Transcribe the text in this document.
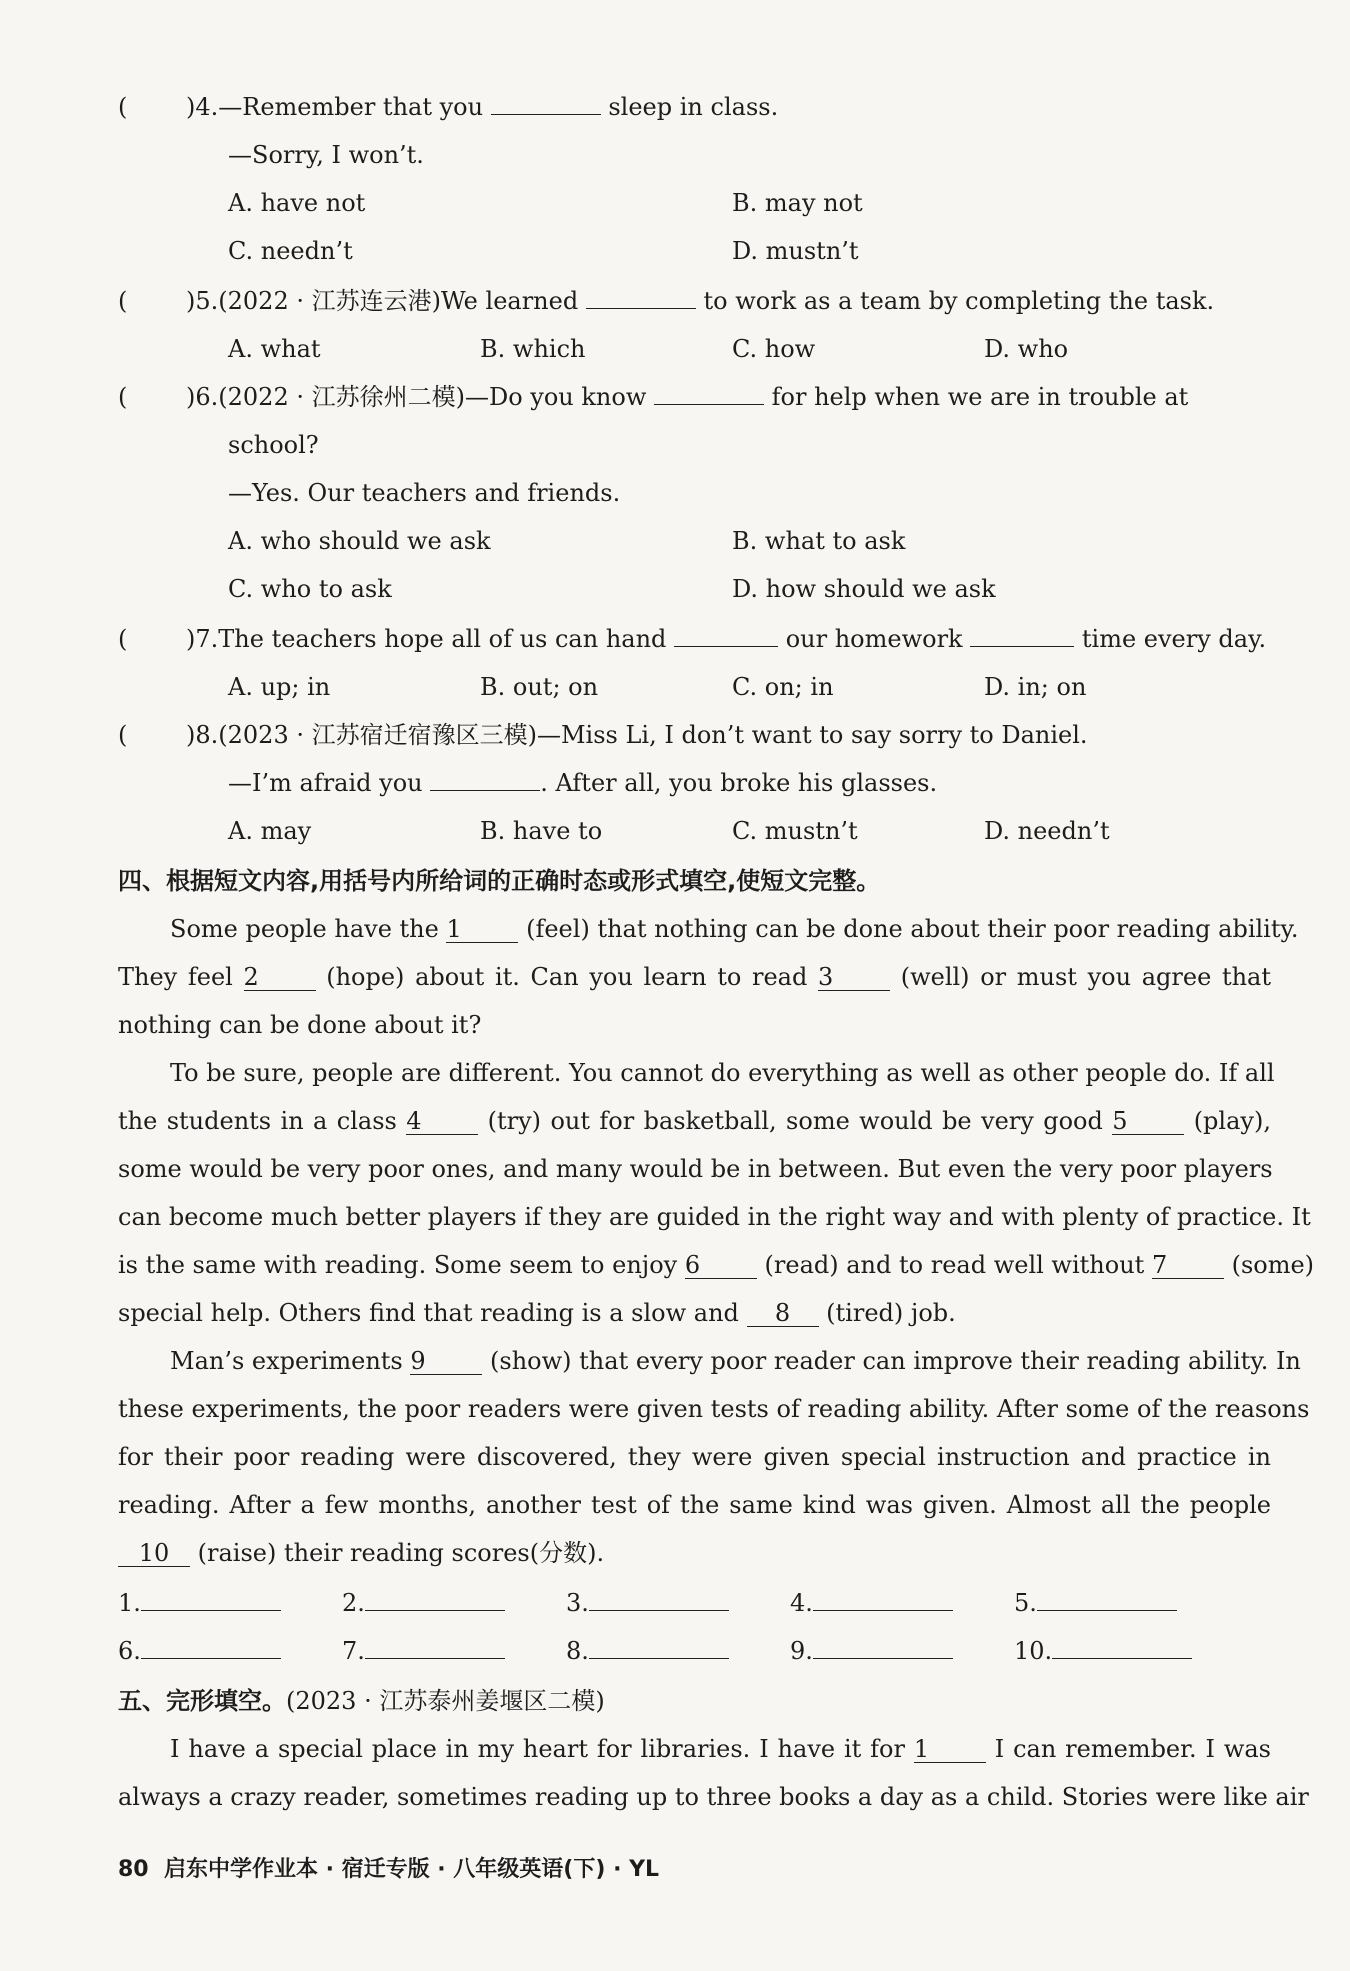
( )4.—Remember that you	sleep in class.
—Sorry, I won’t.
A. have not	B. may not
C. needn’t	D. mustn’t
( )5.(2022 · 江苏连云港)We learned	to work as a team by completing the task.
A. what	B. which	C. how	D. who
( )6.(2022 · 江苏徐州二模)—Do you know	for help when we are in trouble at
school?
—Yes. Our teachers and friends.
A. who should we ask	B. what to ask
C. who to ask	D. how should we ask
( )7.The teachers hope all of us can hand	our homework	time every day.
A. up; in	B. out; on	C. on; in	D. in; on
( )8.(2023 · 江苏宿迁宿豫区三模)—Miss Li, I don’t want to say sorry to Daniel.
—I’m afraid you	. After all, you broke his glasses.
A. may	B. have to	C. mustn’t	D. needn’t
四、根据短文内容,用括号内所给词的正确时态或形式填空,使短文完整。
Some people have the 1	(feel) that nothing can be done about their poor reading ability.
They feel 2	(hope) about it. Can you learn to read 3	(well) or must you agree that
nothing can be done about it?
To be sure, people are different. You cannot do everything as well as other people do. If all
the students in a class 4	(try) out for basketball, some would be very good 5	(play),
some would be very poor ones, and many would be in between. But even the very poor players
can become much better players if they are guided in the right way and with plenty of practice. It
is the same with reading. Some seem to enjoy 6	(read) and to read well without 7	(some)
special help. Others find that reading is a slow and 8 (tired) job.
Man’s experiments 9	(show) that every poor reader can improve their reading ability. In
these experiments, the poor readers were given tests of reading ability. After some of the reasons
for their poor reading were discovered, they were given special instruction and practice in
reading. After a few months, another test of the same kind was given. Almost all the people
10 (raise) their reading scores(分数).
1.	2.	3.	4.	5.
6.	7.	8.	9.	10.
五、完形填空。(2023 · 江苏泰州姜堰区二模)
I have a special place in my heart for libraries. I have it for 1	I can remember. I was
always a crazy reader, sometimes reading up to three books a day as a child. Stories were like air
80 启东中学作业本 · 宿迁专版 · 八年级英语(下) · YL
